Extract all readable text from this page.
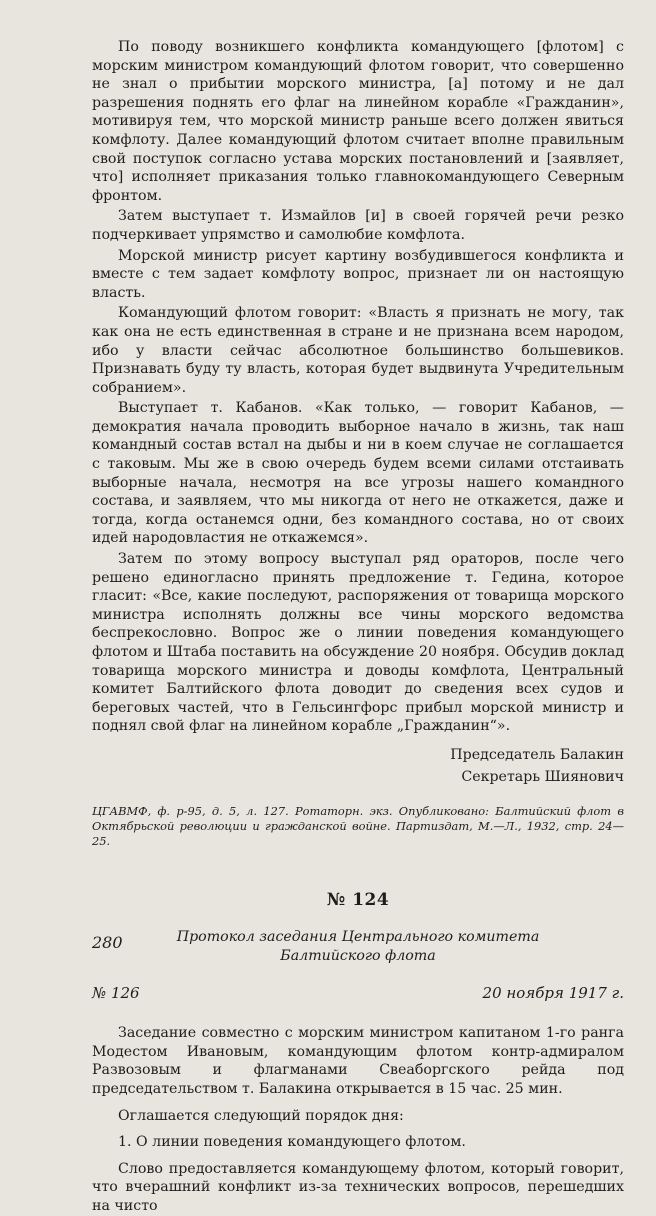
По поводу возникшего конфликта командующего [флотом] с морским министром командующий флотом говорит, что совершенно не знал о прибытии морского министра, [а] потому и не дал разрешения поднять его флаг на линейном корабле «Гражданин», мотивируя тем, что морской министр раньше всего должен явиться комфлоту. Далее командующий флотом считает вполне правильным свой поступок согласно устава морских постановлений и [заявляет, что] исполняет приказания только главнокомандующего Северным фронтом.

Затем выступает т. Измайлов [и] в своей горячей речи резко подчеркивает упрямство и самолюбие комфлота.

Морской министр рисует картину возбудившегося конфликта и вместе с тем задает комфлоту вопрос, признает ли он настоящую власть.

Командующий флотом говорит: «Власть я признать не могу, так как она не есть единственная в стране и не признана всем народом, ибо у власти сейчас абсолютное большинство большевиков. Признавать буду ту власть, которая будет выдвинута Учредительным собранием».

Выступает т. Кабанов. «Как только, — говорит Кабанов, — демократия начала проводить выборное начало в жизнь, так наш командный состав встал на дыбы и ни в коем случае не соглашается с таковым. Мы же в свою очередь будем всеми силами отстаивать выборные начала, несмотря на все угрозы нашего командного состава, и заявляем, что мы никогда от него не откажется, даже и тогда, когда останемся одни, без командного состава, но от своих идей народовластия не откажемся».

Затем по этому вопросу выступал ряд ораторов, после чего решено единогласно принять предложение т. Гедина, которое гласит: «Все, какие последуют, распоряжения от товарища морского министра исполнять должны все чины морского ведомства беспрекословно. Вопрос же о линии поведения командующего флотом и Штаба поставить на обсуждение 20 ноября. Обсудив доклад товарища морского министра и доводы комфлота, Центральный комитет Балтийского флота доводит до сведения всех судов и береговых частей, что в Гельсингфорс прибыл морской министр и поднял свой флаг на линейном корабле „Гражданин“».

Председатель Балакин
Секретарь Шиянович
ЦГАВМФ, ф. р-95, д. 5, л. 127. Ротаторн. экз. Опубликовано: Балтийский флот в Октябрьской революции и гражданской войне. Партиздат, М.—Л., 1932, стр. 24—25.
№ 124
Протокол заседания Центрального комитета
Балтийского флота
№ 126	20 ноября 1917 г.

Заседание совместно с морским министром капитаном 1-го ранга Модестом Ивановым, командующим флотом контр-адмиралом Развозовым и флагманами Свеаборгского рейда под председательством т. Балакина открывается в 15 час. 25 мин.

Оглашается следующий порядок дня:

1. О линии поведения командующего флотом.

Слово предоставляется командующему флотом, который говорит, что вчерашний конфликт из-за технических вопросов, перешедших на чисто

280
